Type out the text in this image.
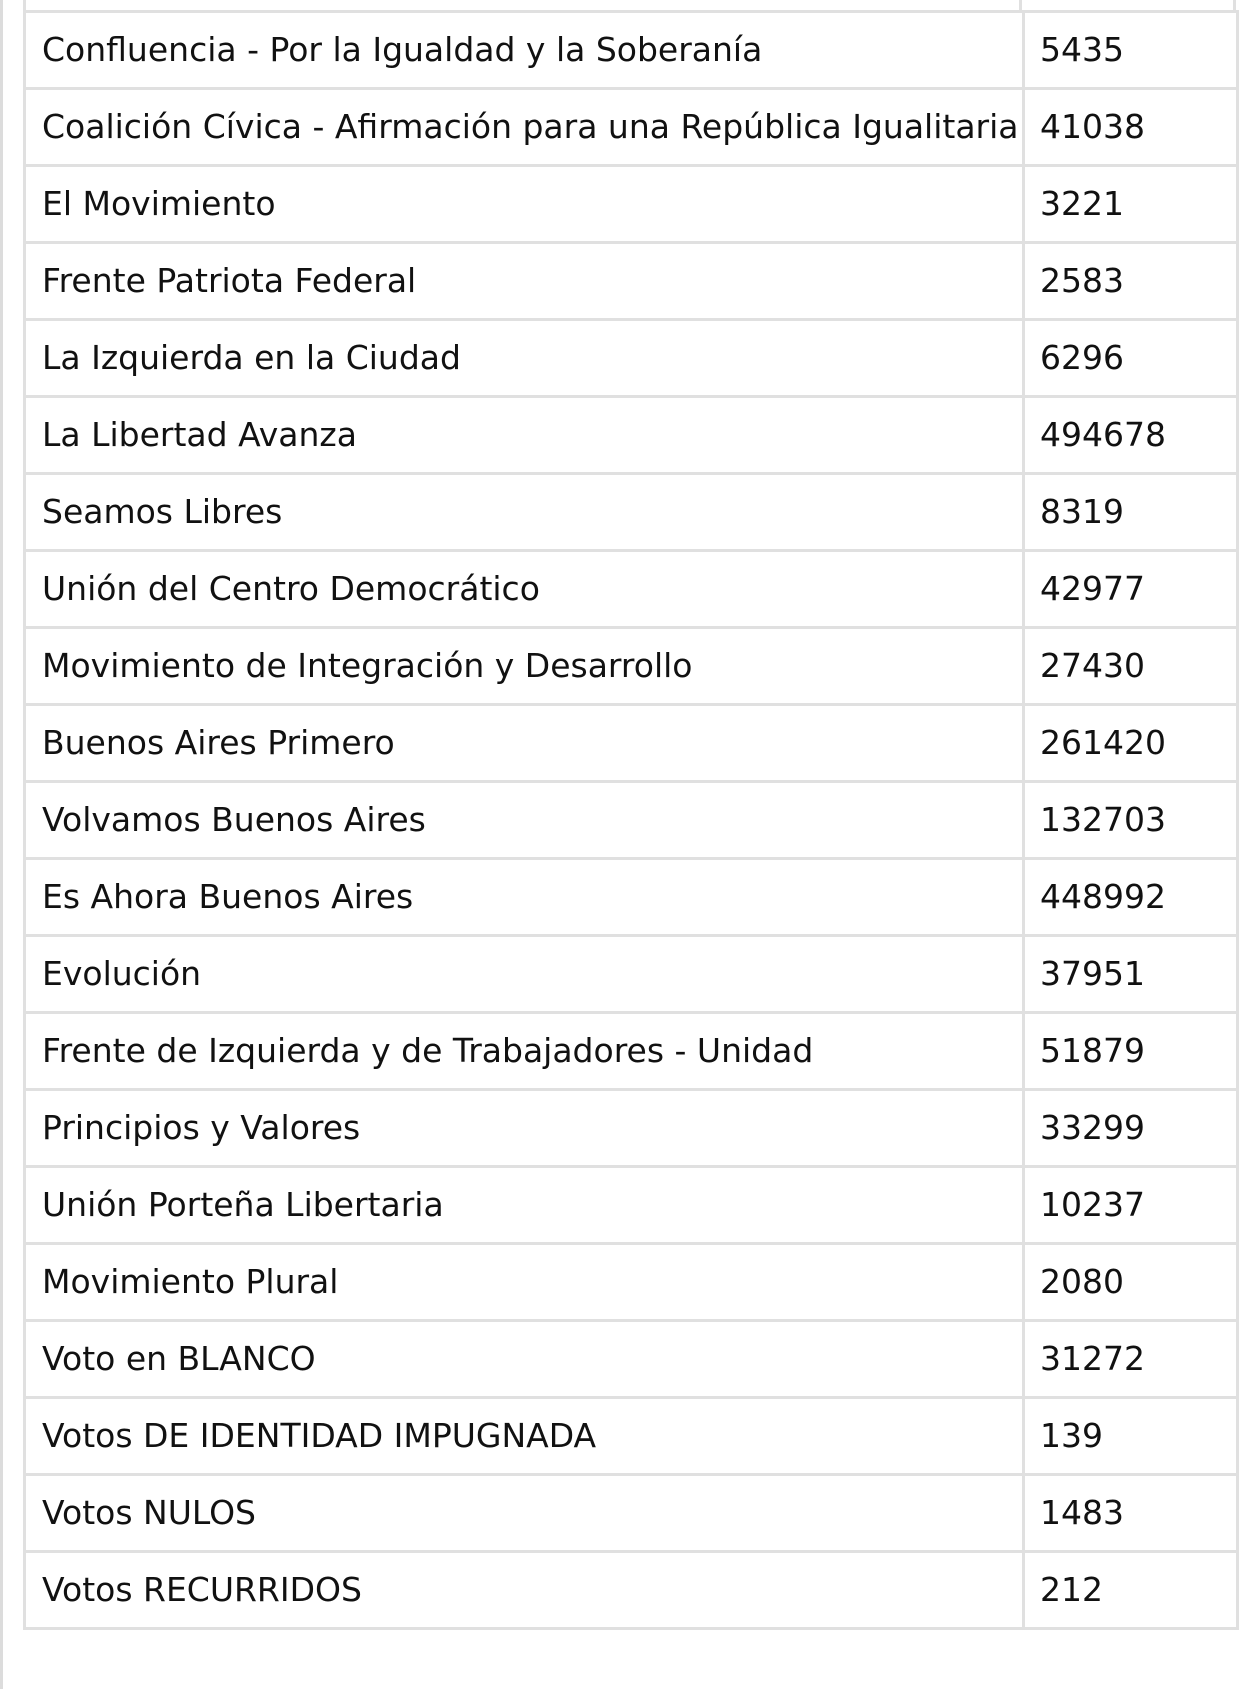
Confluencia - Por la Igualdad y la Soberanía	5435
Coalición Cívica - Afirmación para una República Igualitaria	41038
El Movimiento	3221
Frente Patriota Federal	2583
La Izquierda en la Ciudad	6296
La Libertad Avanza	494678
Seamos Libres	8319
Unión del Centro Democrático	42977
Movimiento de Integración y Desarrollo	27430
Buenos Aires Primero	261420
Volvamos Buenos Aires	132703
Es Ahora Buenos Aires	448992
Evolución	37951
Frente de Izquierda y de Trabajadores - Unidad	51879
Principios y Valores	33299
Unión Porteña Libertaria	10237
Movimiento Plural	2080
Voto en BLANCO	31272
Votos DE IDENTIDAD IMPUGNADA	139
Votos NULOS	1483
Votos RECURRIDOS	212
